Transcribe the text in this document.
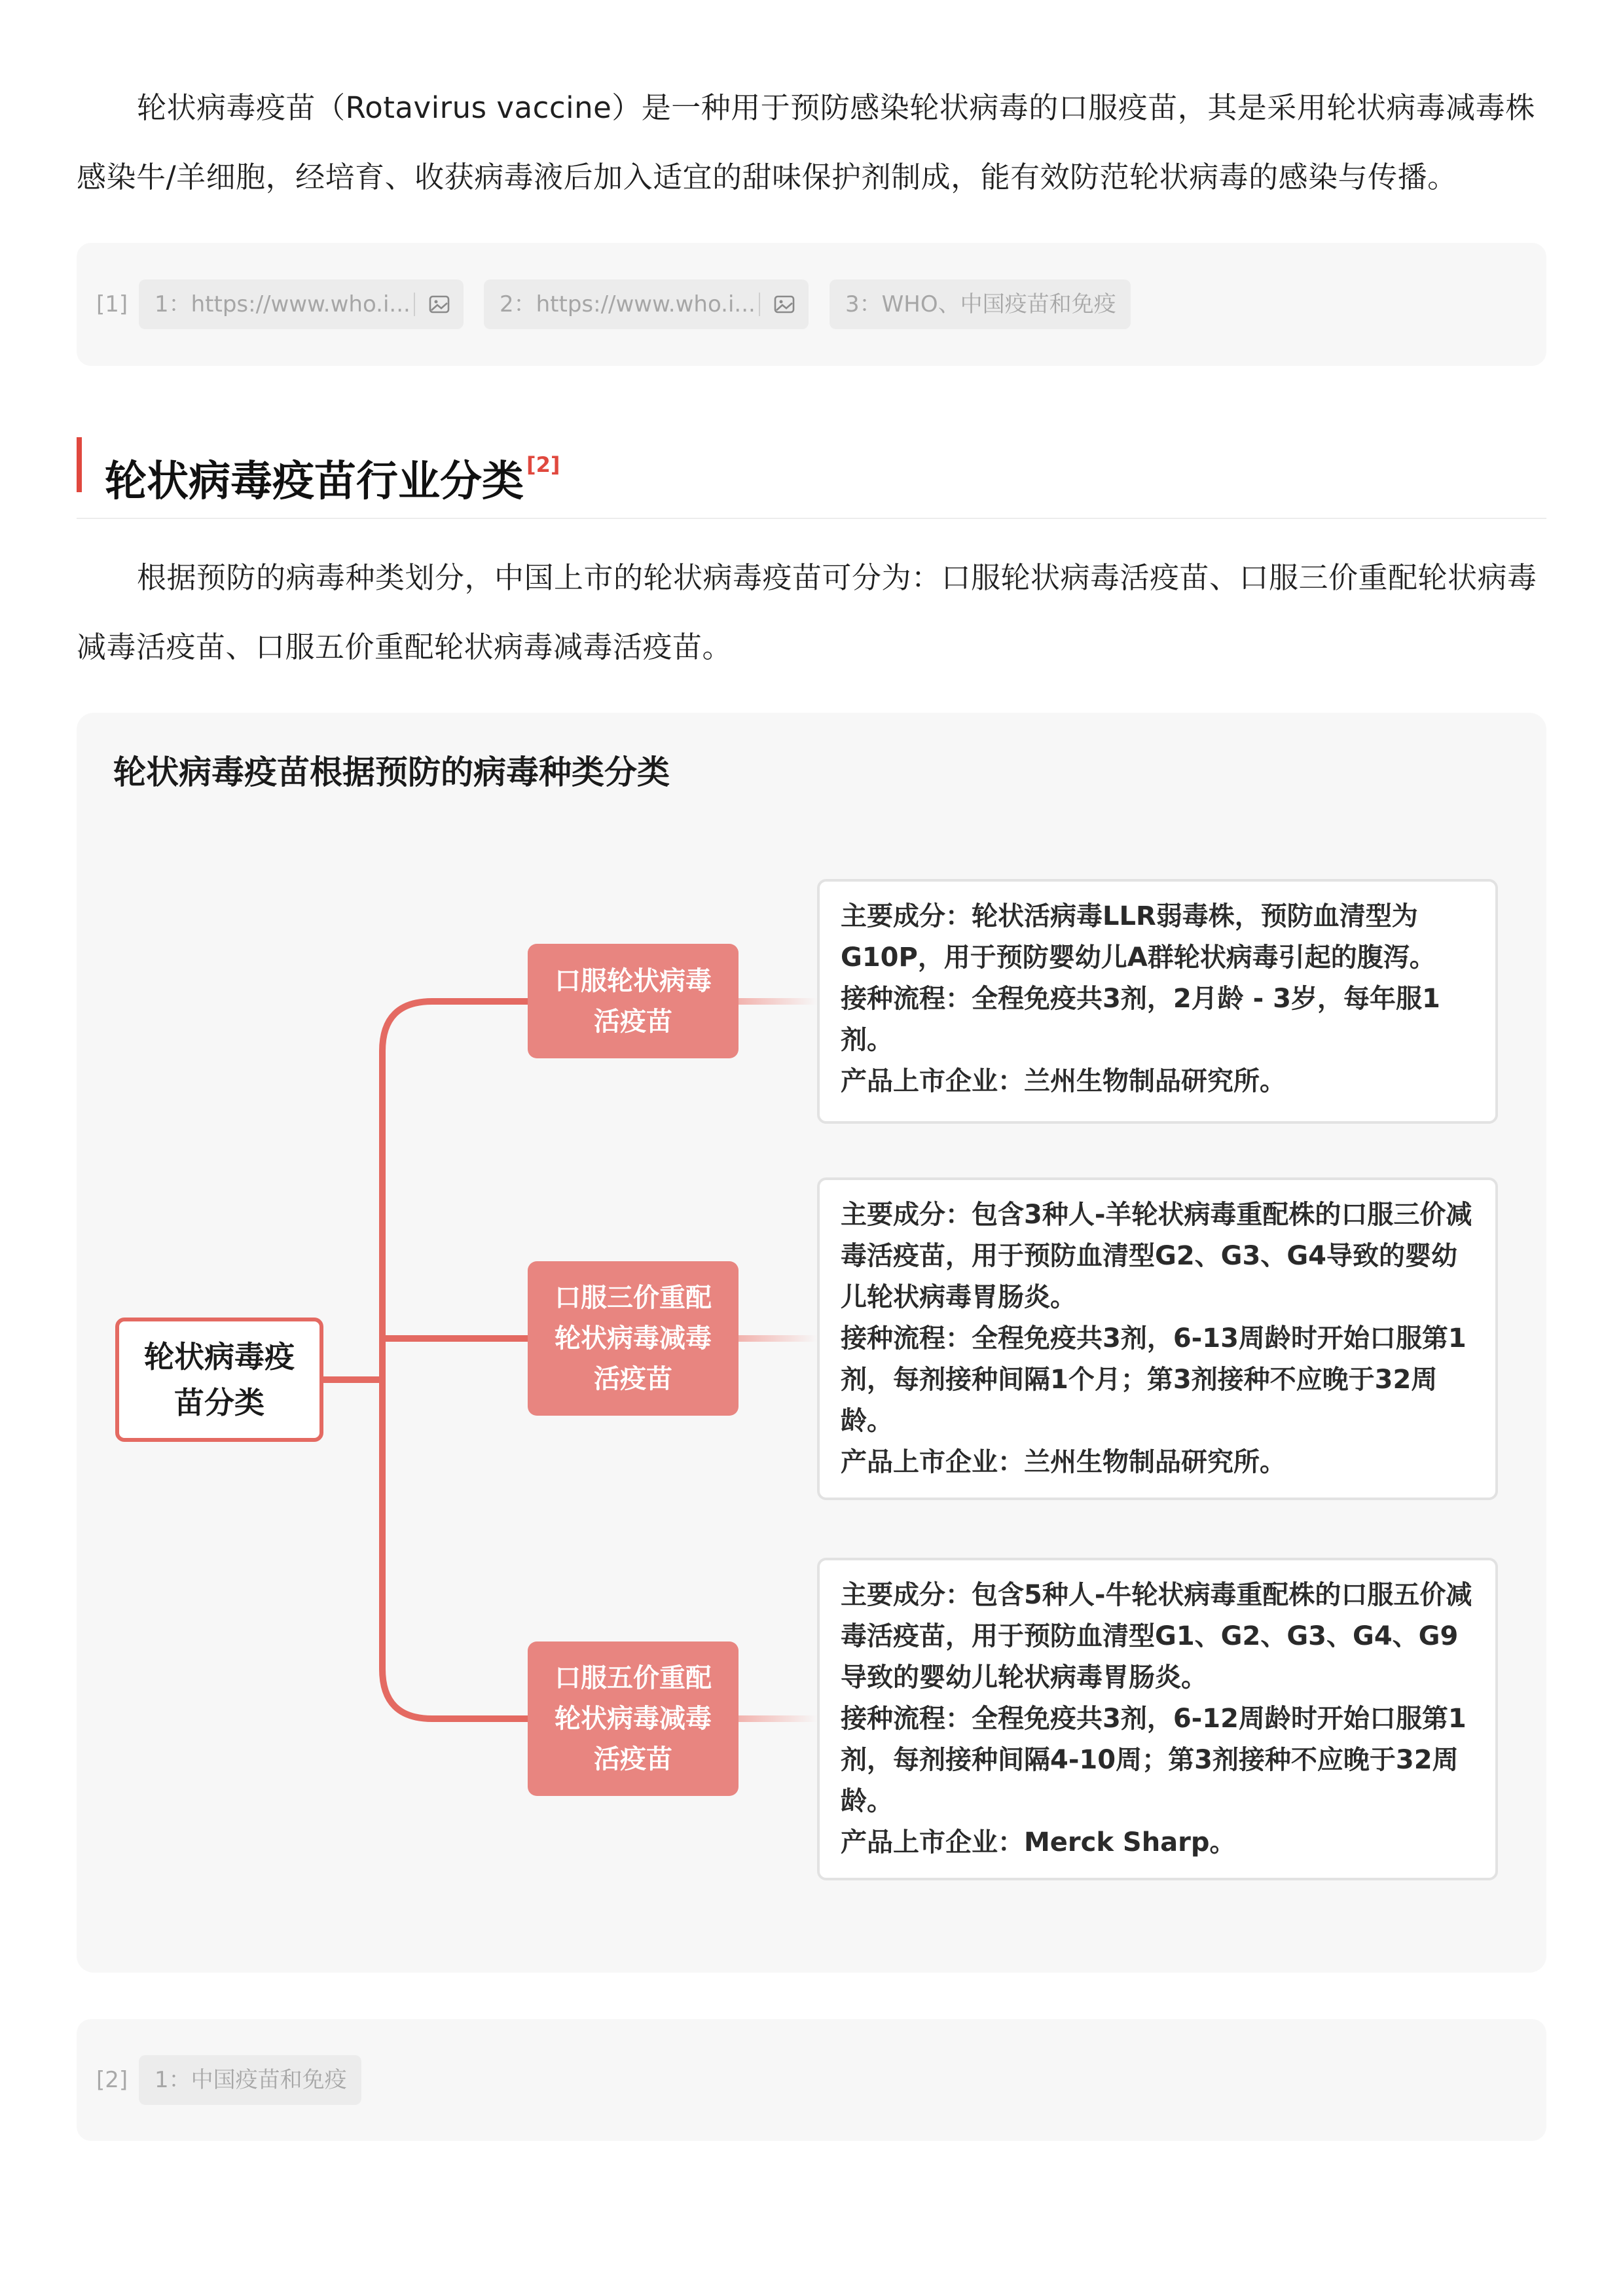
轮状病毒疫苗（Rotavirus vaccine）是一种用于预防感染轮状病毒的口服疫苗，其是采用轮状病毒减毒株感染牛/羊细胞，经培育、收获病毒液后加入适宜的甜味保护剂制成，能有效防范轮状病毒的感染与传播。

[1]	1：https://www.who.i...	2：https://www.who.i...	3：WHO、中国疫苗和免疫
轮状病毒疫苗行业分类 [2]

根据预防的病毒种类划分，中国上市的轮状病毒疫苗可分为：口服轮状病毒活疫苗、口服三价重配轮状病毒减毒活疫苗、口服五价重配轮状病毒减毒活疫苗。

轮状病毒疫苗根据预防的病毒种类分类
轮状病毒疫苗分类
口服轮状病毒活疫苗
口服三价重配轮状病毒减毒活疫苗
口服五价重配轮状病毒减毒活疫苗

主要成分：轮状活病毒LLR弱毒株，预防血清型为G10P，用于预防婴幼儿A群轮状病毒引起的腹泻。

接种流程：全程免疫共3剂，2月龄 - 3岁，每年服1剂。

产品上市企业：兰州生物制品研究所。

主要成分：包含3种人-羊轮状病毒重配株的口服三价减毒活疫苗，用于预防血清型G2、G3、G4导致的婴幼儿轮状病毒胃肠炎。

接种流程：全程免疫共3剂，6-13周龄时开始口服第1剂，每剂接种间隔1个月；第3剂接种不应晚于32周龄。

产品上市企业：兰州生物制品研究所。

主要成分：包含5种人-牛轮状病毒重配株的口服五价减毒活疫苗，用于预防血清型G1、G2、G3、G4、G9导致的婴幼儿轮状病毒胃肠炎。

接种流程：全程免疫共3剂，6-12周龄时开始口服第1剂，每剂接种间隔4-10周；第3剂接种不应晚于32周龄。

产品上市企业：Merck Sharp。

[2]	1：中国疫苗和免疫
